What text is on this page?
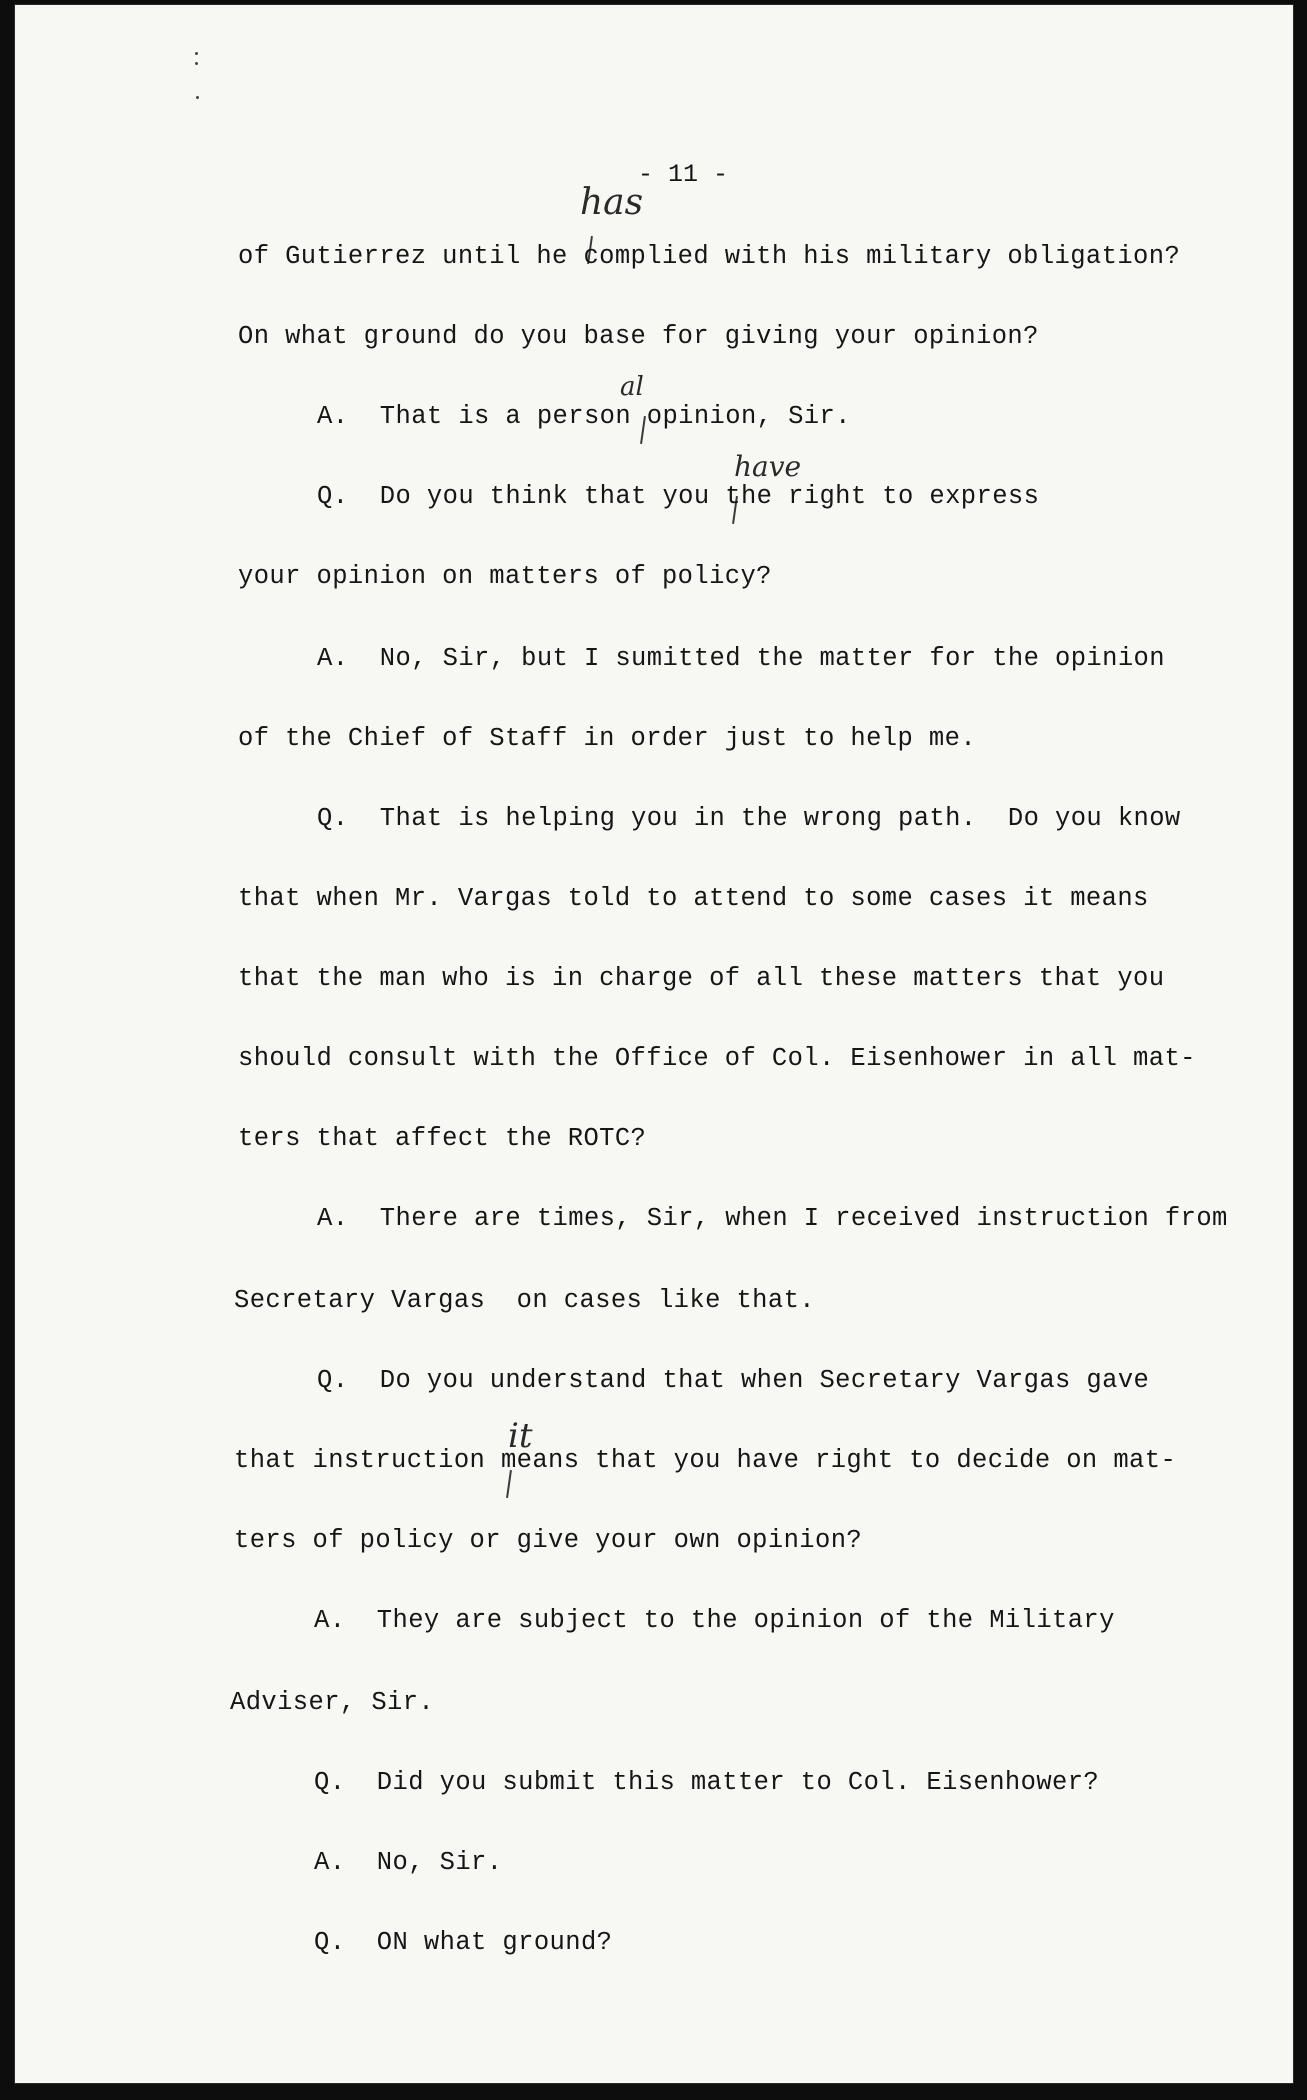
- 11 -
has
al
have
it
of Gutierrez until he complied with his military obligation?
On what ground do you base for giving your opinion?
A.  That is a person opinion, Sir.
Q.  Do you think that you the right to express
your opinion on matters of policy?
A.  No, Sir, but I sumitted the matter for the opinion
of the Chief of Staff in order just to help me.
Q.  That is helping you in the wrong path.  Do you know
that when Mr. Vargas told to attend to some cases it means
that the man who is in charge of all these matters that you
should consult with the Office of Col. Eisenhower in all mat-
ters that affect the ROTC?
A.  There are times, Sir, when I received instruction from
Secretary Vargas  on cases like that.
Q.  Do you understand that when Secretary Vargas gave
that instruction means that you have right to decide on mat-
ters of policy or give your own opinion?
A.  They are subject to the opinion of the Military
Adviser, Sir.
Q.  Did you submit this matter to Col. Eisenhower?
A.  No, Sir.
Q.  ON what ground?
